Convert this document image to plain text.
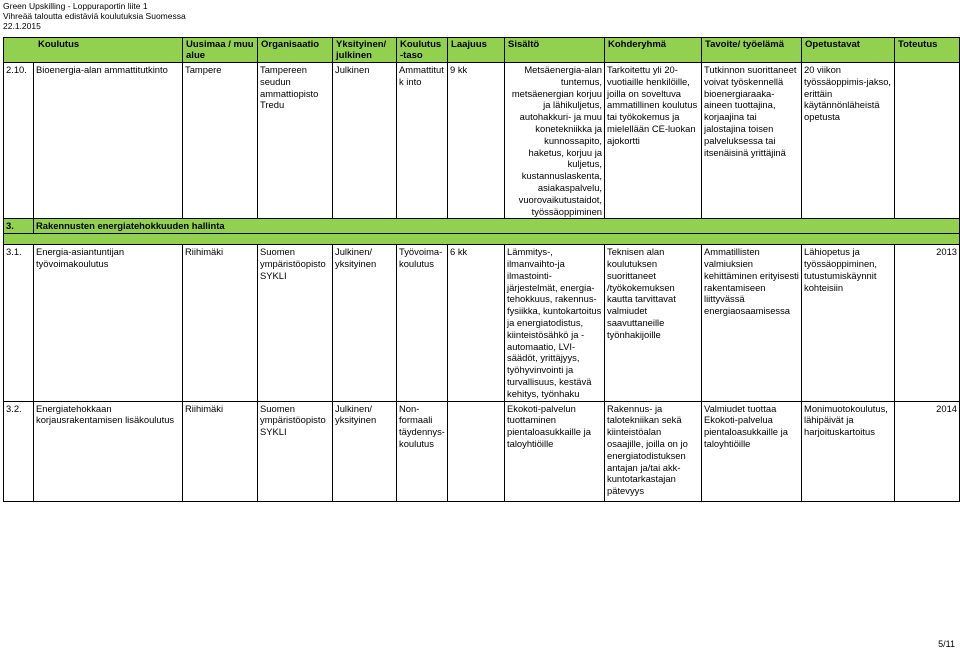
Green Upskilling - Loppuraportin liite 1
Vihreää taloutta edistäviä koulutuksia Suomessa
22.1.2015
Koulutus		Uusimaa / muu alue	Organisaatio	Yksityinen/ julkinen	Koulutus-taso	Laajuus	Sisältö	Kohderyhmä	Tavoite/ työelämä	Opetustavat	Toteutus
2.10.	Bioenergia-alan ammattitutkinto	Tampere	Tampereen seudun ammattiopisto Tredu	Julkinen	Ammattitutk into	9 kk	Metsäenergia-alan tuntemus, metsäenergian korjuu ja lähikuljetus, autohakkuri- ja muu konetekniikka ja kunnossapito, haketus, korjuu ja kuljetus, kustannuslaskenta, asiakaspalvelu, vuorovaikutustaidot, työssäoppiminen	Tarkoitettu yli 20-vuotiaille henkilöille, joilla on soveltuva ammatillinen koulutus tai työkokemus ja mielellään CE-luokan ajokortti	Tutkinnon suorittaneet voivat työskennellä bioenergiaraaka-aineen tuottajina, korjaajina tai jalostajina toisen palveluksessa tai itsenäisinä yrittäjinä	20 viikon työssäoppimis-jakso, erittäin käytännönläheistä opetusta	
3.	Rakennusten energiatehokkuuden hallinta										

3.1.	Energia-asiantuntijan työvoimakoulutus	Riihimäki	Suomen ympäristöopisto SYKLI	Julkinen/ yksityinen	Työvoima-koulutus	6 kk	Lämmitys-, ilmanvaihto-ja ilmastointi-järjestelmät, energia-tehokkuus, rakennus-fysiikka, kuntokartoitus ja energiatodistus, kiinteistösähkö ja -automaatio, LVI-säädöt, yrittäjyys, työhyvinvointi ja turvallisuus, kestävä kehitys, työnhaku	Teknisen alan koulutuksen suorittaneet /työkokemuksen kautta tarvittavat valmiudet saavuttaneille työnhakijoille	Ammatillisten valmiuksien kehittäminen erityisesti rakentamiseen liittyvässä energiaosaamisessa	Lähiopetus ja työssäoppiminen, tutustumiskäynnit kohteisiin	2013
3.2.	Energiatehokkaan korjausrakentamisen lisäkoulutus	Riihimäki	Suomen ympäristöopisto SYKLI	Julkinen/ yksityinen	Non-formaali täydennys-koulutus		Ekokoti-palvelun tuottaminen pientaloasukkaille ja taloyhtiöille	Rakennus- ja talotekniikan sekä kiinteistöalan osaajille, joilla on jo energiatodistuksen antajan ja/tai akk-kuntotarkastajan pätevyys	Valmiudet tuottaa Ekokoti-palvelua pientaloasukkaille ja taloyhtiöille	Monimuotokoulutus, lähipäivät ja harjoituskartoitus	2014
5/11
